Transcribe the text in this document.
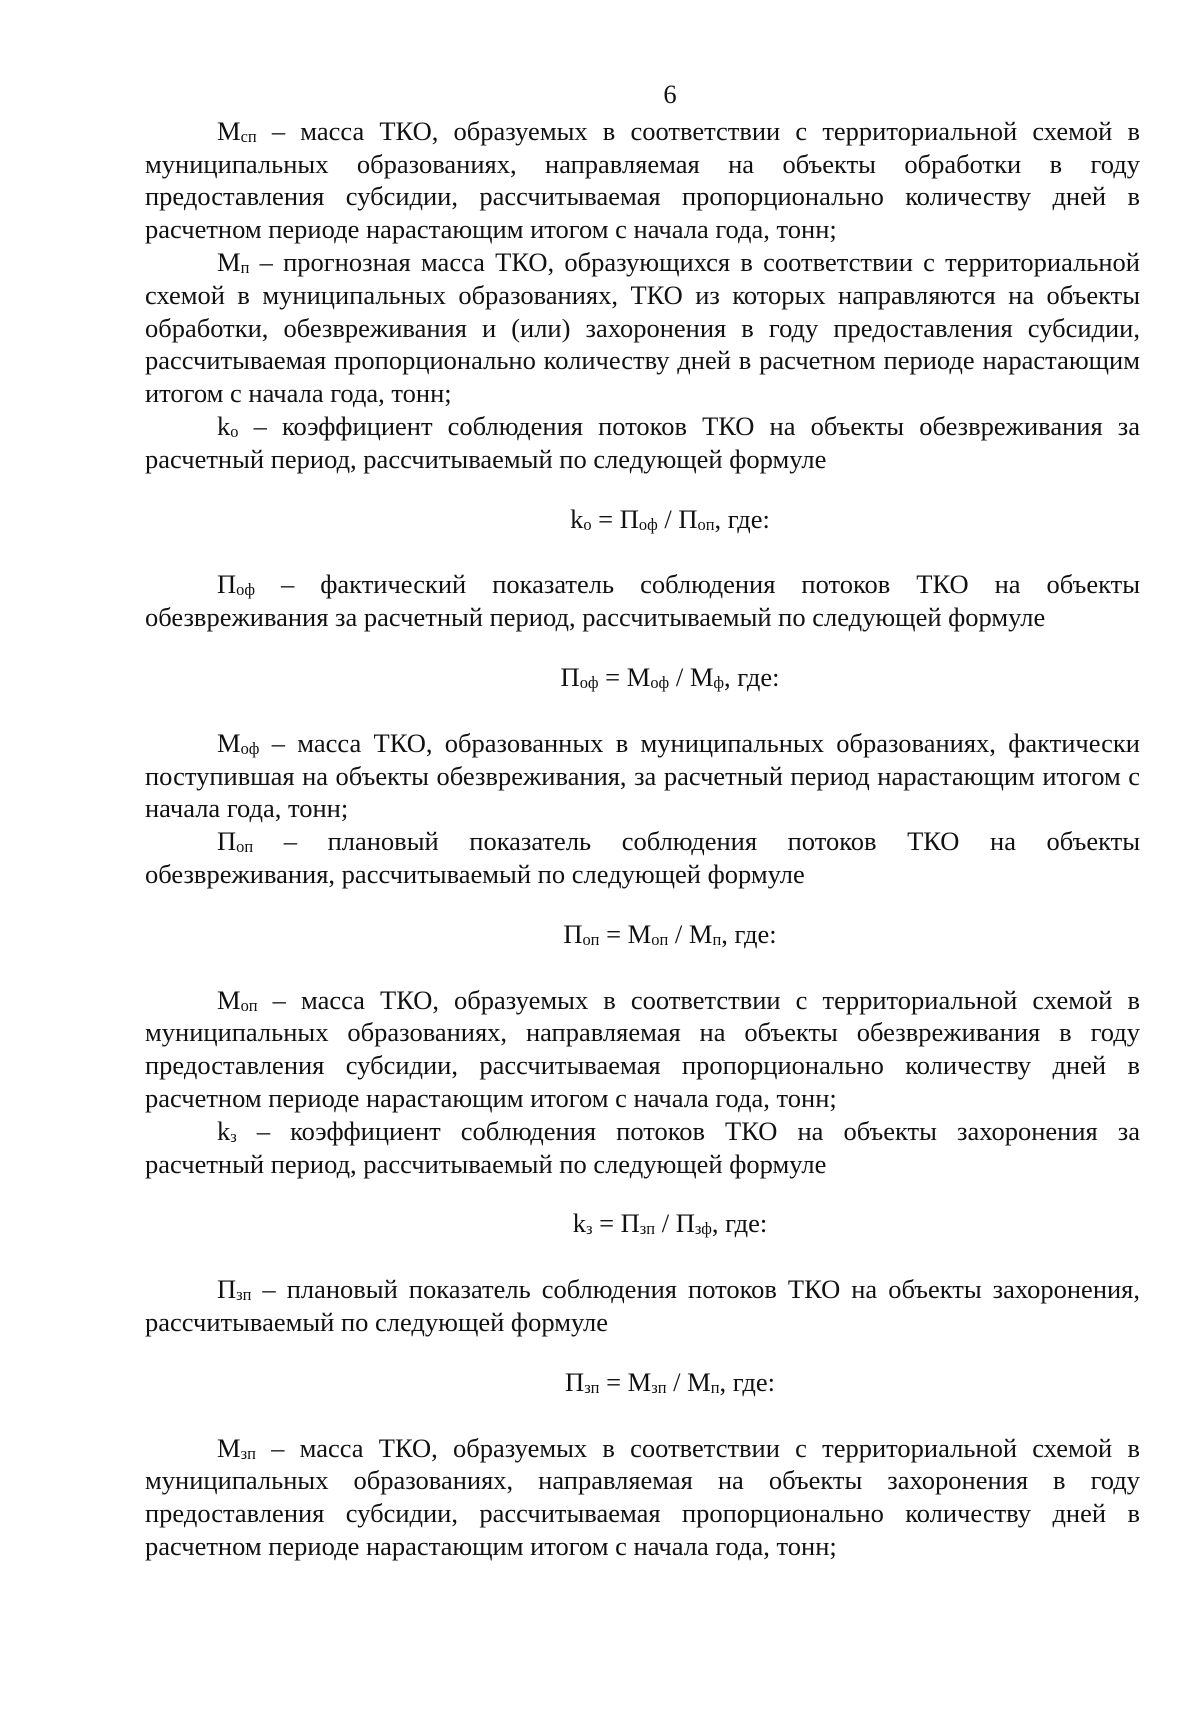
6

$М_{сп}$ – масса ТКО, образуемых в соответствии с территориальной схемой в муниципальных образованиях, направляемая на объекты обработки в году предоставления субсидии, рассчитываемая пропорционально количеству дней в расчетном периоде нарастающим итогом с начала года, тонн;

$М_п$ – прогнозная масса ТКО, образующихся в соответствии с территориальной схемой в муниципальных образованиях, ТКО из которых направляются на объекты обработки, обезвреживания и (или) захоронения в году предоставления субсидии, рассчитываемая пропорционально количеству дней в расчетном периоде нарастающим итогом с начала года, тонн;

$k_о$ – коэффициент соблюдения потоков ТКО на объекты обезвреживания за расчетный период, рассчитываемый по следующей формуле

$k_о = П_{оф} / П_{оп}$, где:

$П_{оф}$ – фактический показатель соблюдения потоков ТКО на объекты обезвреживания за расчетный период, рассчитываемый по следующей формуле

$П_{оф} = М_{оф} / М_ф$, где:

$М_{оф}$ – масса ТКО, образованных в муниципальных образованиях, фактически поступившая на объекты обезвреживания, за расчетный период нарастающим итогом с начала года, тонн;

$П_{оп}$ – плановый показатель соблюдения потоков ТКО на объекты обезвреживания, рассчитываемый по следующей формуле

$П_{оп} = М_{оп} / М_п$, где:

$М_{оп}$ – масса ТКО, образуемых в соответствии с территориальной схемой в муниципальных образованиях, направляемая на объекты обезвреживания в году предоставления субсидии, рассчитываемая пропорционально количеству дней в расчетном периоде нарастающим итогом с начала года, тонн;

$k_з$ – коэффициент соблюдения потоков ТКО на объекты захоронения за расчетный период, рассчитываемый по следующей формуле

$k_з = П_{зп} / П_{зф}$, где:

$П_{зп}$ – плановый показатель соблюдения потоков ТКО на объекты захоронения, рассчитываемый по следующей формуле

$П_{зп} = М_{зп} / М_п$, где:

$М_{зп}$ – масса ТКО, образуемых в соответствии с территориальной схемой в муниципальных образованиях, направляемая на объекты захоронения в году предоставления субсидии, рассчитываемая пропорционально количеству дней в расчетном периоде нарастающим итогом с начала года, тонн;
